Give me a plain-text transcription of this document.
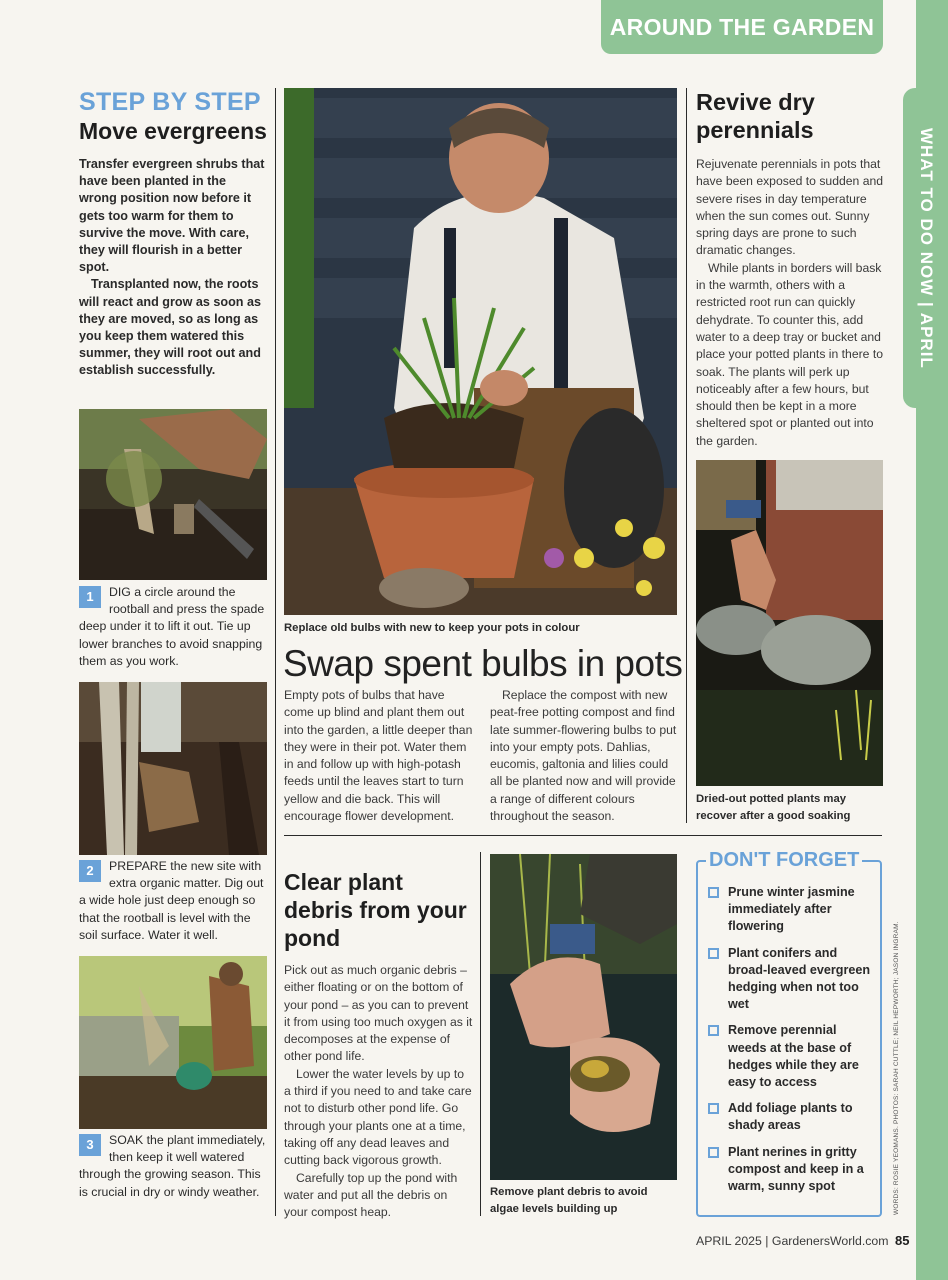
WHAT TO DO NOW | APRIL
AROUND THE GARDEN
STEP BY STEP
Move evergreens

Transfer evergreen shrubs that have been planted in the wrong position now before it gets too warm for them to survive the move. With care, they will flourish in a better spot.

Transplanted now, the roots will react and grow as soon as they are moved, so as long as you keep them watered this summer, they will root out and establish successfully.

1	DIG a circle around the rootball and press the spade deep under it to lift it out. Tie up lower branches to avoid snapping them as you work.
2	PREPARE the new site with extra organic matter. Dig out a wide hole just deep enough so that the rootball is level with the soil surface. Water it well.
3	SOAK the plant immediately, then keep it well watered through the growing season. This is crucial in dry or windy weather.
Replace old bulbs with new to keep your pots in colour
Swap spent bulbs in pots
Empty pots of bulbs that have come up blind and plant them out into the garden, a little deeper than they were in their pot. Water them in and follow up with high-potash feeds until the leaves start to turn yellow and die back. This will encourage flower development.

Replace the compost with new peat-free potting compost and find late summer-flowering bulbs to put into your empty pots. Dahlias, eucomis, galtonia and lilies could all be planted now and will provide a range of different colours throughout the season.

Revive dry perennials

Rejuvenate perennials in pots that have been exposed to sudden and severe rises in day temperature when the sun comes out. Sunny spring days are prone to such dramatic changes.

While plants in borders will bask in the warmth, others with a restricted root run can quickly dehydrate. To counter this, add water to a deep tray or bucket and place your potted plants in there to soak. The plants will perk up noticeably after a few hours, but should then be kept in a more sheltered spot or planted out into the garden.

Dried-out potted plants may recover after a good soaking
Clear plant debris from your pond

Pick out as much organic debris – either floating or on the bottom of your pond – as you can to prevent it from using too much oxygen as it decomposes at the expense of other pond life.

Lower the water levels by up to a third if you need to and take care not to disturb other pond life. Go through your plants one at a time, taking off any dead leaves and cutting back vigorous growth.

Carefully top up the pond with water and put all the debris on your compost heap.

Remove plant debris to avoid algae levels building up
DON'T FORGET
Prune winter jasmine immediately after flowering
Plant conifers and broad-leaved evergreen hedging when not too wet
Remove perennial weeds at the base of hedges while they are easy to access
Add foliage plants to shady areas
Plant nerines in gritty compost and keep in a warm, sunny spot	WORDS: ROSIE YEOMANS. PHOTOS: SARAH CUTTLE; NEIL HEPWORTH; JASON INGRAM.
APRIL 2025 | GardenersWorld.com 85
